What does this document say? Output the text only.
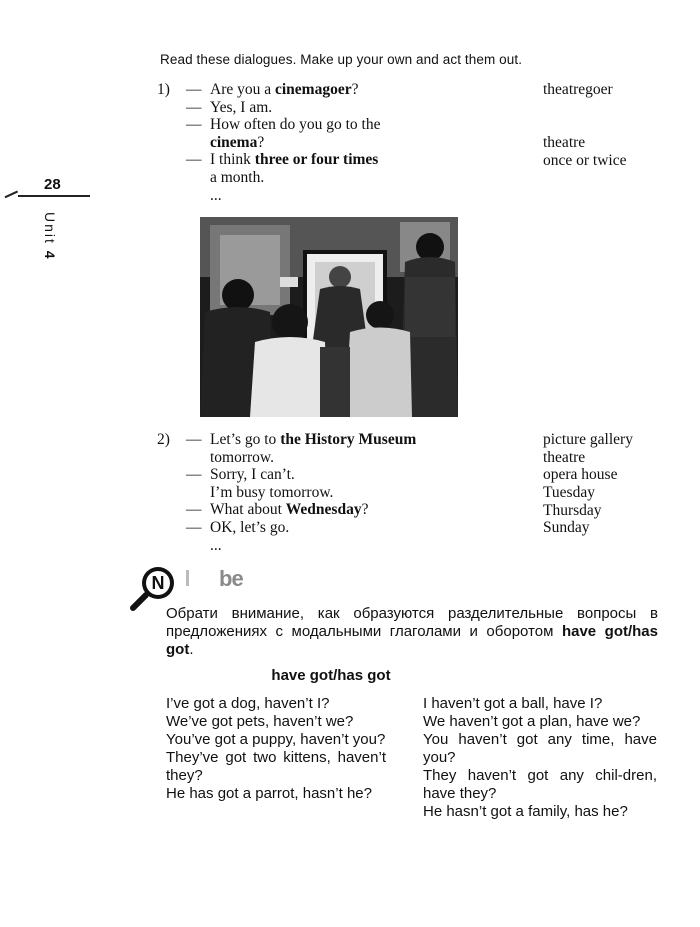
Read these dialogues. Make up your own and act them out.
28
Unit 4
1) — Are you a cinemagoer?
— Yes, I am.
— How often do you go to the
cinema?
— I think three or four times
a month.
...
theatregoer
theatre
once or twice
2) — Let’s go to the History Museum
tomorrow.
— Sorry, I can’t.
I’m busy tomorrow.
— What about Wednesday?
— OK, let’s go.
...
picture gallery
theatre
opera house
Tuesday
Thursday
Sunday
N be
Обрати внимание, как образуются разделительные вопросы в предложениях с модальными глаголами и оборотом have got/has got.
have got/has got

I’ve got a dog, haven’t I?

We’ve got pets, haven’t we?

You’ve got a puppy, haven’t you?

They’ve got two kittens, haven’t they?

He has got a parrot, hasn’t he?

I haven’t got a ball, have I?

We haven’t got a plan, have we?

You haven’t got any time, have you?

They haven’t got any chil-dren, have they?

He hasn’t got a family, has he?
